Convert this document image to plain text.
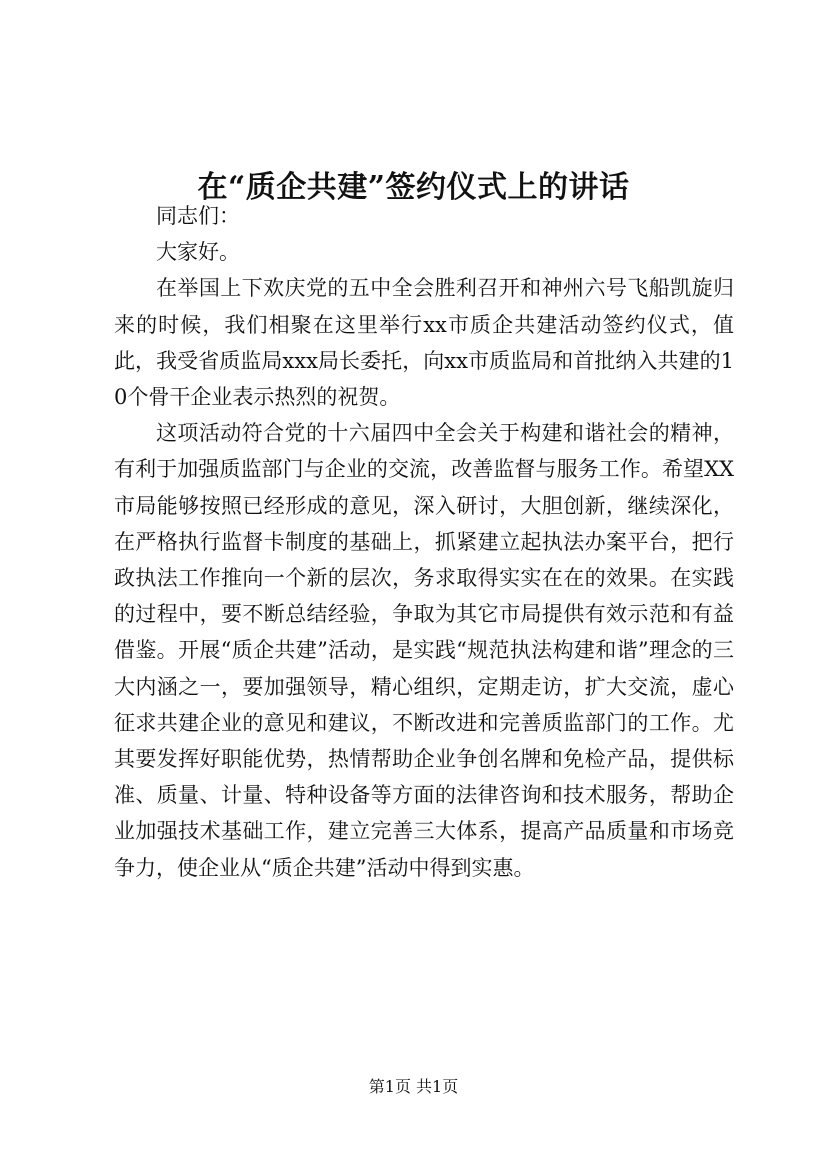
在“质企共建”签约仪式上的讲话

同志们：

大家好。

在举国上下欢庆党的五中全会胜利召开和神州六号飞船凯旋归来的时候，我们相聚在这里举行xx市质企共建活动签约仪式，值此，我受省质监局xxx局长委托，向xx市质监局和首批纳入共建的10个骨干企业表示热烈的祝贺。

这项活动符合党的十六届四中全会关于构建和谐社会的精神，有利于加强质监部门与企业的交流，改善监督与服务工作。希望XX市局能够按照已经形成的意见，深入研讨，大胆创新，继续深化，在严格执行监督卡制度的基础上，抓紧建立起执法办案平台，把行政执法工作推向一个新的层次，务求取得实实在在的效果。在实践的过程中，要不断总结经验，争取为其它市局提供有效示范和有益借鉴。开展“质企共建”活动，是实践“规范执法构建和谐”理念的三大内涵之一，要加强领导，精心组织，定期走访，扩大交流，虚心征求共建企业的意见和建议，不断改进和完善质监部门的工作。尤其要发挥好职能优势，热情帮助企业争创名牌和免检产品，提供标准、质量、计量、特种设备等方面的法律咨询和技术服务，帮助企业加强技术基础工作，建立完善三大体系，提高产品质量和市场竞争力，使企业从“质企共建”活动中得到实惠。

第1页 共1页
